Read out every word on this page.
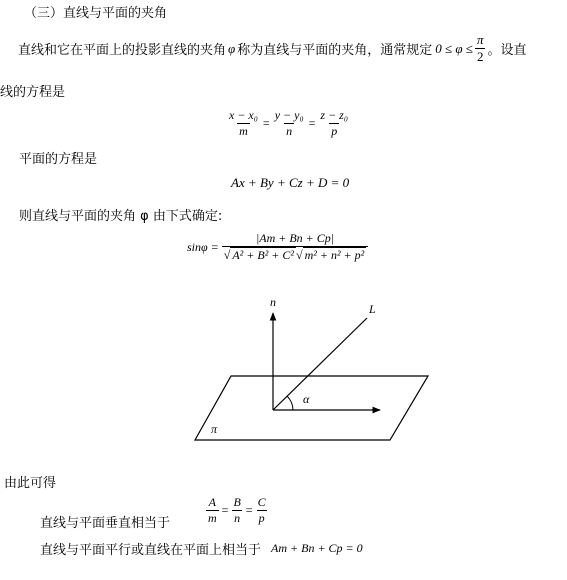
（三）直线与平面的夹角
直线和它在平面上的投影直线的夹角 φ 称为直线与平面的夹角，通常规定 $0 \le \varphi \le \frac{\pi}{2}$ 。设直
线的方程是
$\frac{\text{x − x₀}}{m} = \frac{\text{y − y₀}}{n} = \frac{\text{z − z₀}}{p}$
平面的方程是
Ax + By + Cz + D = 0
则直线与平面的夹角 φ 由下式确定:
$\sin\varphi = \frac{|Am + Bn + Cp|}{\text{√ A² + B² + C² √ m² + n² + p²}}$
n	L
α
π
由此可得
直线与平面垂直相当于	$\frac{A}{m} = \frac{B}{n} = \frac{C}{p}$
直线与平面平行或直线在平面上相当于 Am + Bn + Cp = 0
